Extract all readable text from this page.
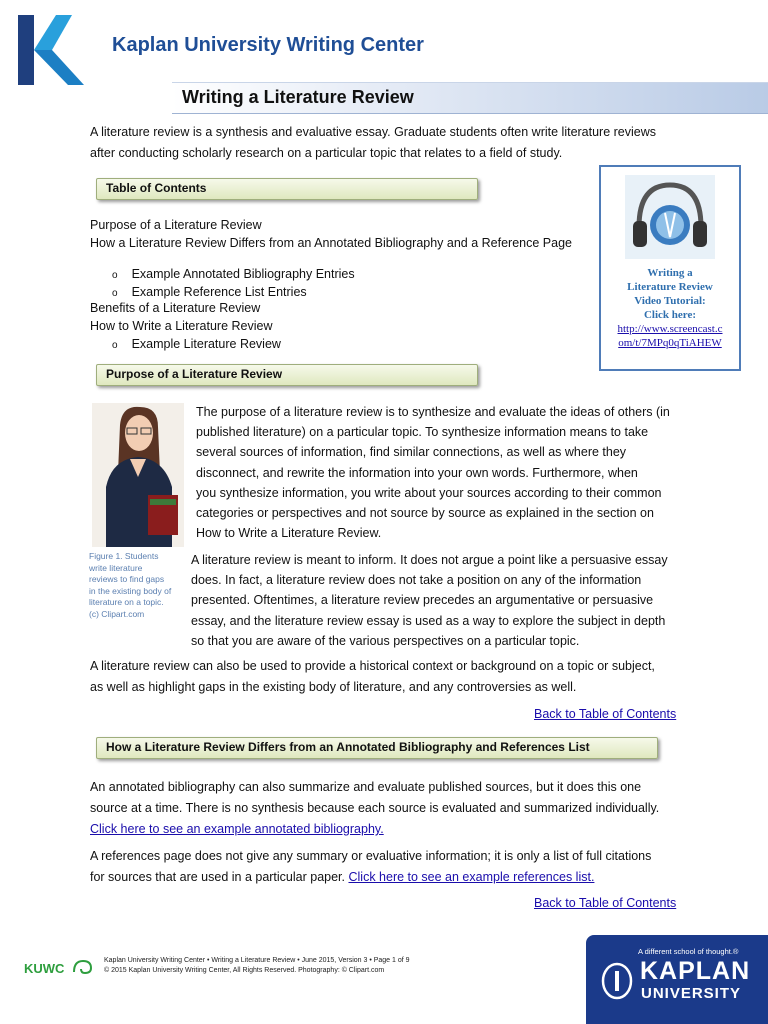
Kaplan University Writing Center
Writing a Literature Review
A literature review is a synthesis and evaluative essay. Graduate students often write literature reviews
after conducting scholarly research on a particular topic that relates to a field of study.
Table of Contents
Purpose of a Literature Review
How a Literature Review Differs from an Annotated Bibliography and a Reference Page
o Example Annotated Bibliography Entries
o Example Reference List Entries
Benefits of a Literature Review
How to Write a Literature Review
o Example Literature Review
Writing a
Literature Review
Video Tutorial:
Click here:
http://www.screencast.c
om/t/7MPq0qTiAHEW
Purpose of a Literature Review
The purpose of a literature review is to synthesize and evaluate the ideas of others (in
published literature) on a particular topic. To synthesize information means to take
several sources of information, find similar connections, as well as where they
disconnect, and rewrite the information into your own words. Furthermore, when
you synthesize information, you write about your sources according to their common
categories or perspectives and not source by source as explained in the section on
How to Write a Literature Review.
Figure 1. Students
write literature
reviews to find gaps
in the existing body of
literature on a topic.
(c) Clipart.com
A literature review is meant to inform. It does not argue a point like a persuasive essay
does. In fact, a literature review does not take a position on any of the information
presented. Oftentimes, a literature review precedes an argumentative or persuasive
essay, and the literature review essay is used as a way to explore the subject in depth
so that you are aware of the various perspectives on a particular topic.
A literature review can also be used to provide a historical context or background on a topic or subject,
as well as highlight gaps in the existing body of literature, and any controversies as well.
Back to Table of Contents
How a Literature Review Differs from an Annotated Bibliography and References List
An annotated bibliography can also summarize and evaluate published sources, but it does this one
source at a time. There is no synthesis because each source is evaluated and summarized individually.
Click here to see an example annotated bibliography.
A references page does not give any summary or evaluative information; it is only a list of full citations
for sources that are used in a particular paper. Click here to see an example references list.
Back to Table of Contents
KUWC
Kaplan University Writing Center • Writing a Literature Review • June 2015, Version 3 • Page 1 of 9
© 2015 Kaplan University Writing Center, All Rights Reserved. Photography: © Clipart.com
A different school of thought.®
KAPLAN
UNIVERSITY
